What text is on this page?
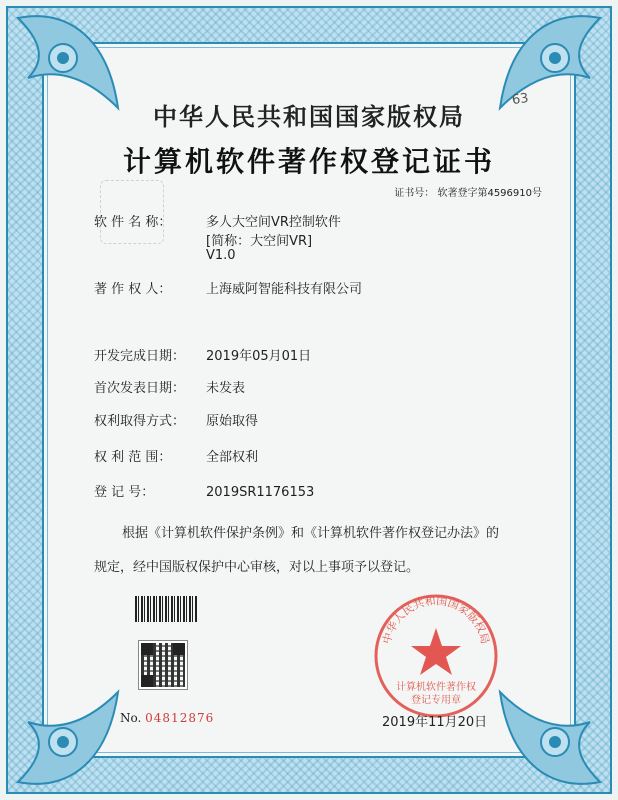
63
中华人民共和国国家版权局
计算机软件著作权登记证书
证书号： 软著登字第4596910号
软 件 名 称：	多人大空间VR控制软件
[简称：大空间VR]
V1.0
著 作 权 人：	上海威阿智能科技有限公司
开发完成日期： 2019年05月01日
首次发表日期： 未发表
权利取得方式： 原始取得
权 利 范 围：	全部权利
登 记 号：	2019SR1176153
根据《计算机软件保护条例》和《计算机软件著作权登记办法》的
规定，经中国版权保护中心审核，对以上事项予以登记。
No. 04812876
中华人民共和国国家版权局
计算机软件著作权
登记专用章
2019年11月20日
